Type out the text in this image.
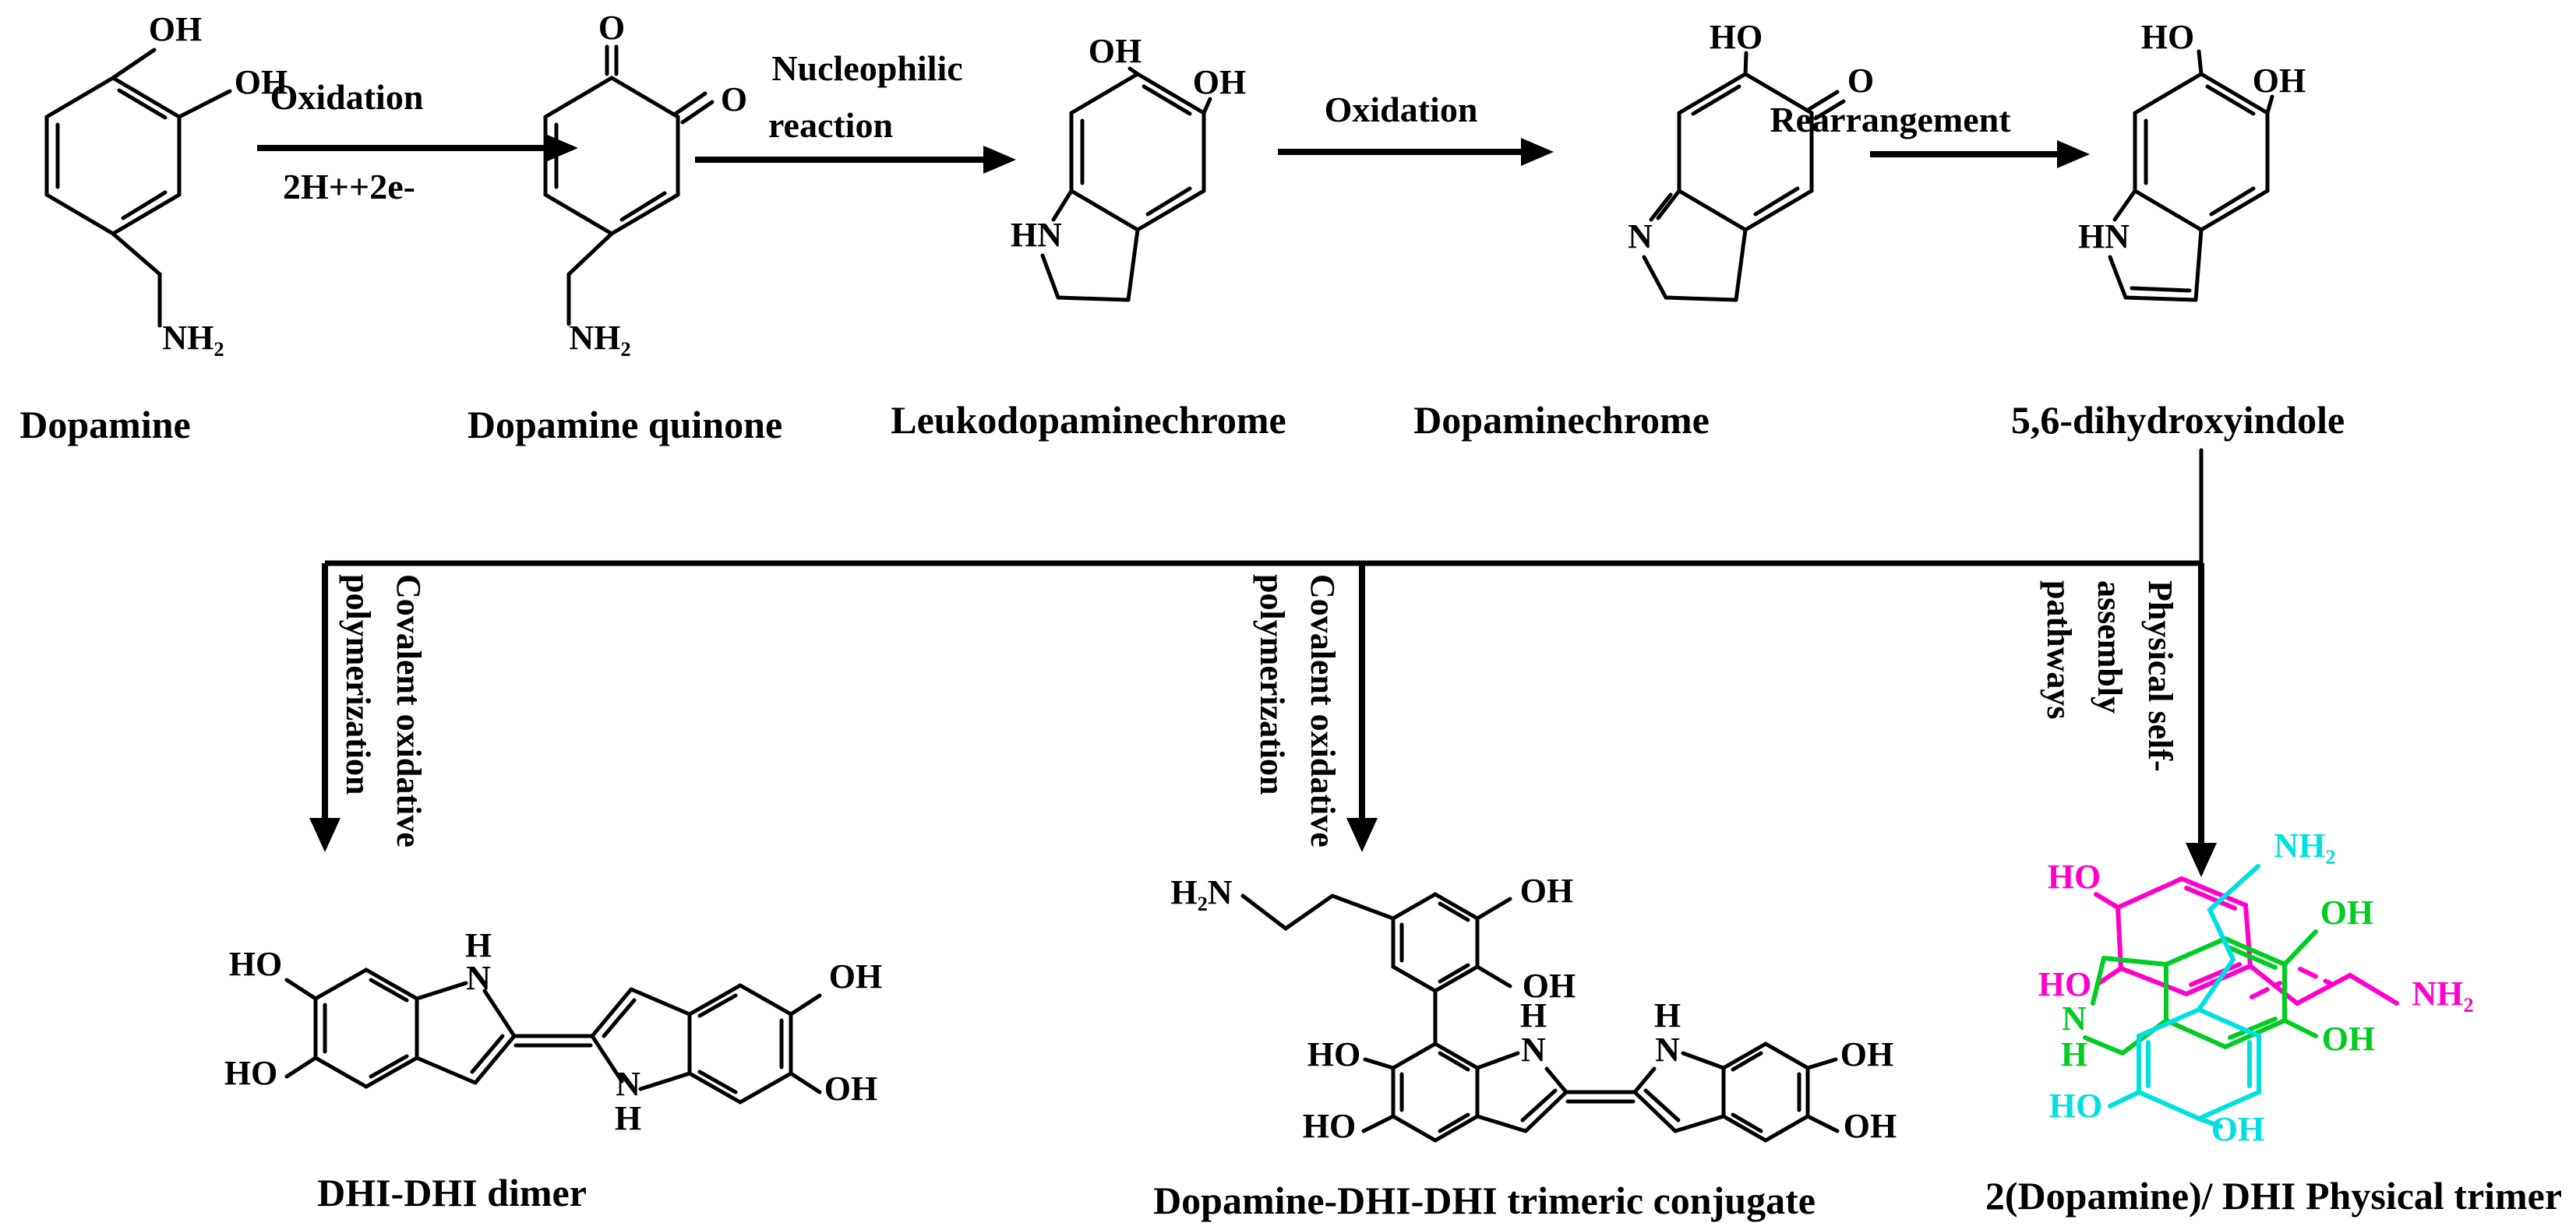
OH
OH
NH₂
Dopamine
Oxidation
2H++2e-
O
O
NH₂
Dopamine quinone
Nucleophilic
reaction
OH
OH
HN
Leukodopaminechrome
Oxidation
HO
O
N
Dopaminechrome
Rearrangement
HO
OH
HN
5,6-dihydroxyindole
Covalent oxidative
polymerization	Covalent oxidative
polymerization	Physical self-
assembly
pathways
HO
HO
H
N
N
H
OH
OH
DHI-DHI dimer
H₂N	OH
OH
HO
HO
H
N
H
N	OH
OH
Dopamine-DHI-DHI trimeric conjugate
NH₂
HO
OH
HO	NH₂
OH
N
H
HO
OH
2(Dopamine)/ DHI Physical trimer
